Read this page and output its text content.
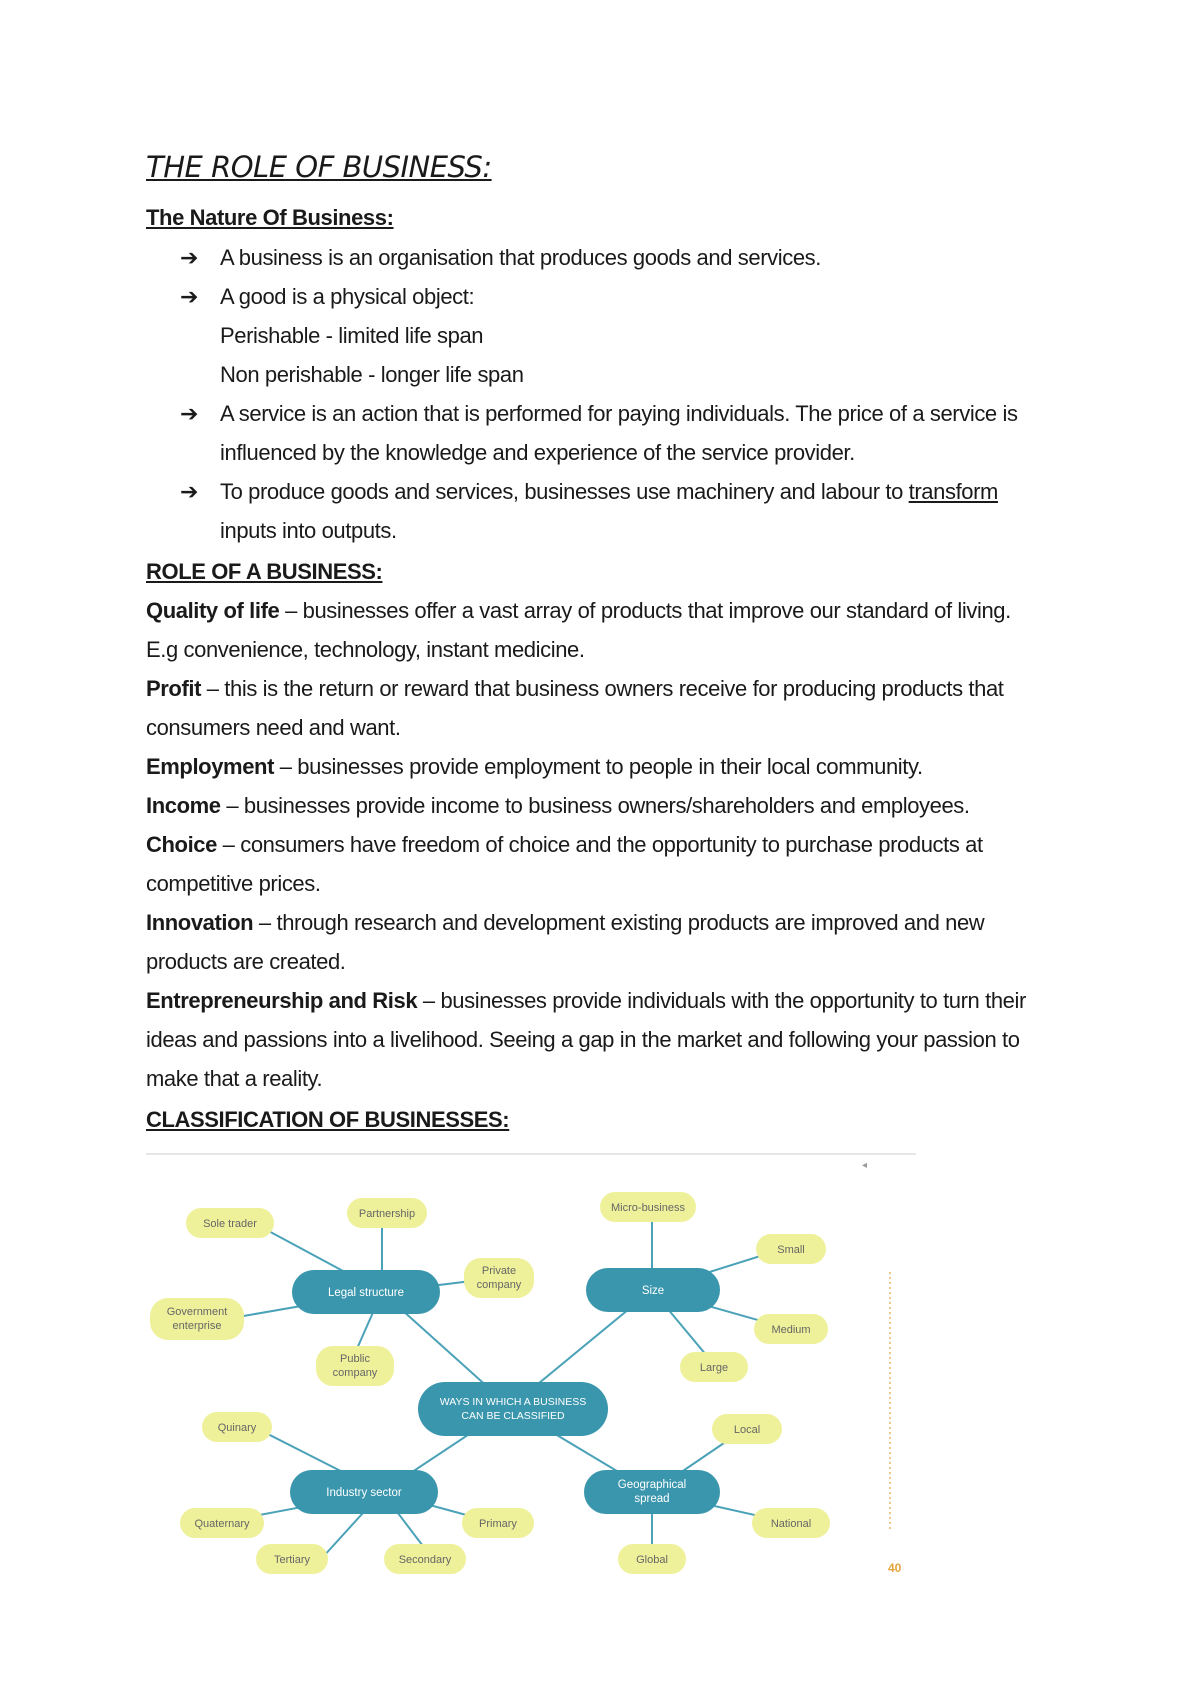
THE ROLE OF BUSINESS:
The Nature Of Business:
➔ A business is an organisation that produces goods and services.
➔ A good is a physical object:
Perishable - limited life span
Non perishable - longer life span
➔ A service is an action that is performed for paying individuals. The price of a service is
influenced by the knowledge and experience of the service provider.
➔ To produce goods and services, businesses use machinery and labour to transform
inputs into outputs.
ROLE OF A BUSINESS:
Quality of life – businesses offer a vast array of products that improve our standard of living.
E.g convenience, technology, instant medicine.
Profit – this is the return or reward that business owners receive for producing products that
consumers need and want.
Employment – businesses provide employment to people in their local community.
Income – businesses provide income to business owners/shareholders and employees.
Choice – consumers have freedom of choice and the opportunity to purchase products at
competitive prices.
Innovation – through research and development existing products are improved and new
products are created.
Entrepreneurship and Risk – businesses provide individuals with the opportunity to turn their
ideas and passions into a livelihood. Seeing a gap in the market and following your passion to
make that a reality.
CLASSIFICATION OF BUSINESSES:
Sole trader
Partnership
Private
company
Government
enterprise
Public
company
Micro-business
Small
Medium
Large
Quinary
Quaternary
Tertiary	Secondary
Primary
Local
National
Global
Legal structure	Size
Industry sector
Geographical
spread
WAYS IN WHICH A BUSINESS
CAN BE CLASSIFIED
◂
40
